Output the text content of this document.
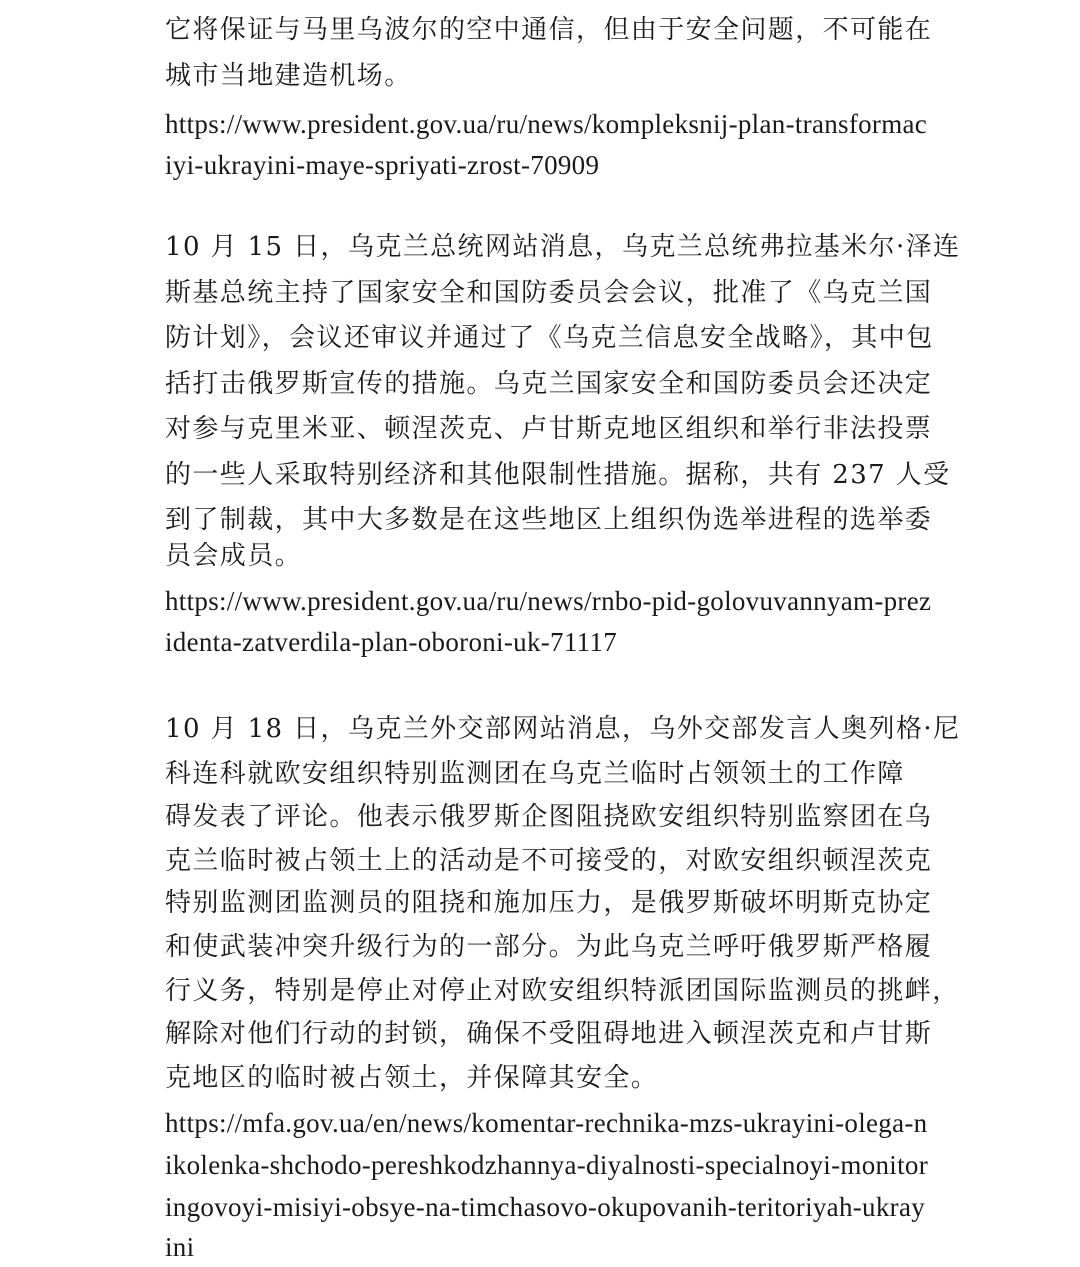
它将保证与马里乌波尔的空中通信，但由于安全问题，不可能在
城市当地建造机场。
https://www.president.gov.ua/ru/news/kompleksnij-plan-transformac
iyi-ukrayini-maye-spriyati-zrost-70909
10 月 15 日，乌克兰总统网站消息，乌克兰总统弗拉基米尔·泽连
斯基总统主持了国家安全和国防委员会会议，批准了《乌克兰国
防计划》，会议还审议并通过了《乌克兰信息安全战略》，其中包
括打击俄罗斯宣传的措施。乌克兰国家安全和国防委员会还决定
对参与克里米亚、顿涅茨克、卢甘斯克地区组织和举行非法投票
的一些人采取特别经济和其他限制性措施。据称，共有 237 人受
到了制裁，其中大多数是在这些地区上组织伪选举进程的选举委
员会成员。
https://www.president.gov.ua/ru/news/rnbo-pid-golovuvannyam-prez
identa-zatverdila-plan-oboroni-uk-71117
10 月 18 日，乌克兰外交部网站消息，乌外交部发言人奥列格·尼
科连科就欧安组织特别监测团在乌克兰临时占领领土的工作障
碍发表了评论。他表示俄罗斯企图阻挠欧安组织特别监察团在乌
克兰临时被占领土上的活动是不可接受的，对欧安组织顿涅茨克
特别监测团监测员的阻挠和施加压力，是俄罗斯破坏明斯克协定
和使武装冲突升级行为的一部分。为此乌克兰呼吁俄罗斯严格履
行义务，特别是停止对停止对欧安组织特派团国际监测员的挑衅，
解除对他们行动的封锁，确保不受阻碍地进入顿涅茨克和卢甘斯
克地区的临时被占领土，并保障其安全。
https://mfa.gov.ua/en/news/komentar-rechnika-mzs-ukrayini-olega-n
ikolenka-shchodo-pereshkodzhannya-diyalnosti-specialnoyi-monitor
ingovoyi-misiyi-obsye-na-timchasovo-okupovanih-teritoriyah-ukray
ini
